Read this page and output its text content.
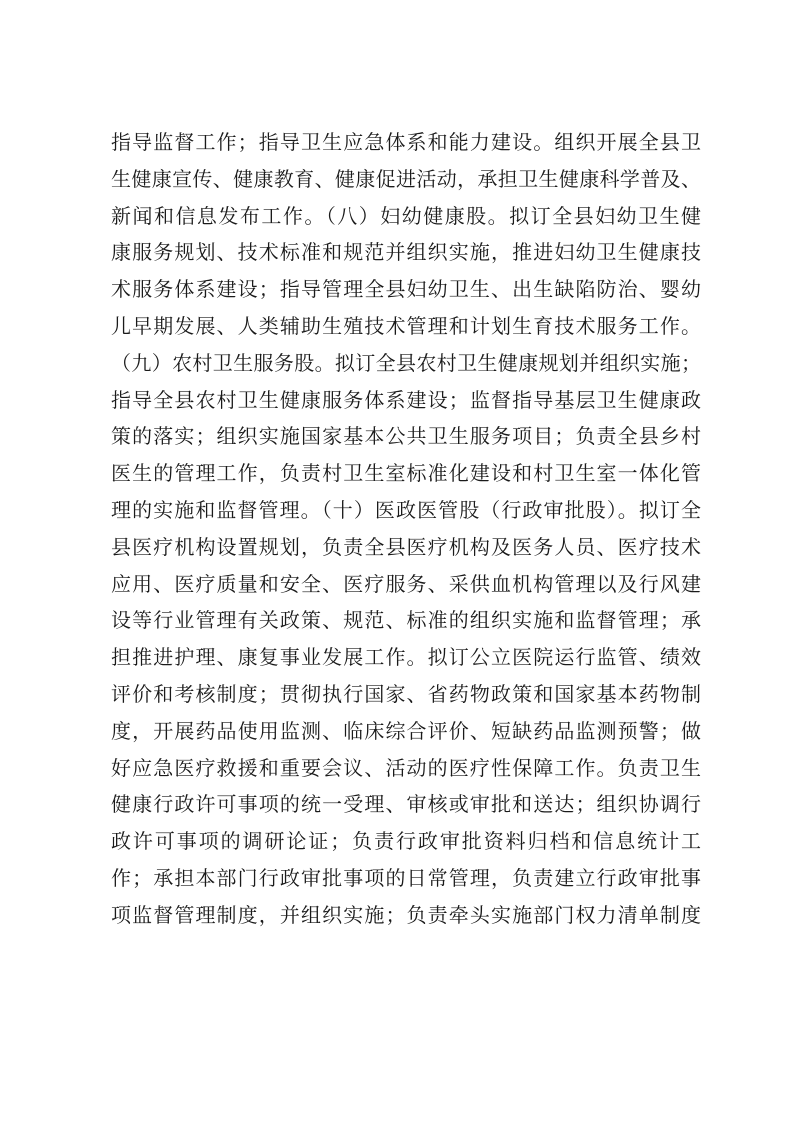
指导监督工作；指导卫生应急体系和能力建设。组织开展全县卫
生健康宣传、健康教育、健康促进活动，承担卫生健康科学普及、
新闻和信息发布工作。（八）妇幼健康股。拟订全县妇幼卫生健
康服务规划、技术标准和规范并组织实施，推进妇幼卫生健康技
术服务体系建设；指导管理全县妇幼卫生、出生缺陷防治、婴幼
儿早期发展、人类辅助生殖技术管理和计划生育技术服务工作。
（九）农村卫生服务股。拟订全县农村卫生健康规划并组织实施；
指导全县农村卫生健康服务体系建设；监督指导基层卫生健康政
策的落实；组织实施国家基本公共卫生服务项目；负责全县乡村
医生的管理工作，负责村卫生室标准化建设和村卫生室一体化管
理的实施和监督管理。（十）医政医管股（行政审批股）。拟订全
县医疗机构设置规划，负责全县医疗机构及医务人员、医疗技术
应用、医疗质量和安全、医疗服务、采供血机构管理以及行风建
设等行业管理有关政策、规范、标准的组织实施和监督管理；承
担推进护理、康复事业发展工作。拟订公立医院运行监管、绩效
评价和考核制度；贯彻执行国家、省药物政策和国家基本药物制
度，开展药品使用监测、临床综合评价、短缺药品监测预警；做
好应急医疗救援和重要会议、活动的医疗性保障工作。负责卫生
健康行政许可事项的统一受理、审核或审批和送达；组织协调行
政许可事项的调研论证；负责行政审批资料归档和信息统计工
作；承担本部门行政审批事项的日常管理，负责建立行政审批事
项监督管理制度，并组织实施；负责牵头实施部门权力清单制度
